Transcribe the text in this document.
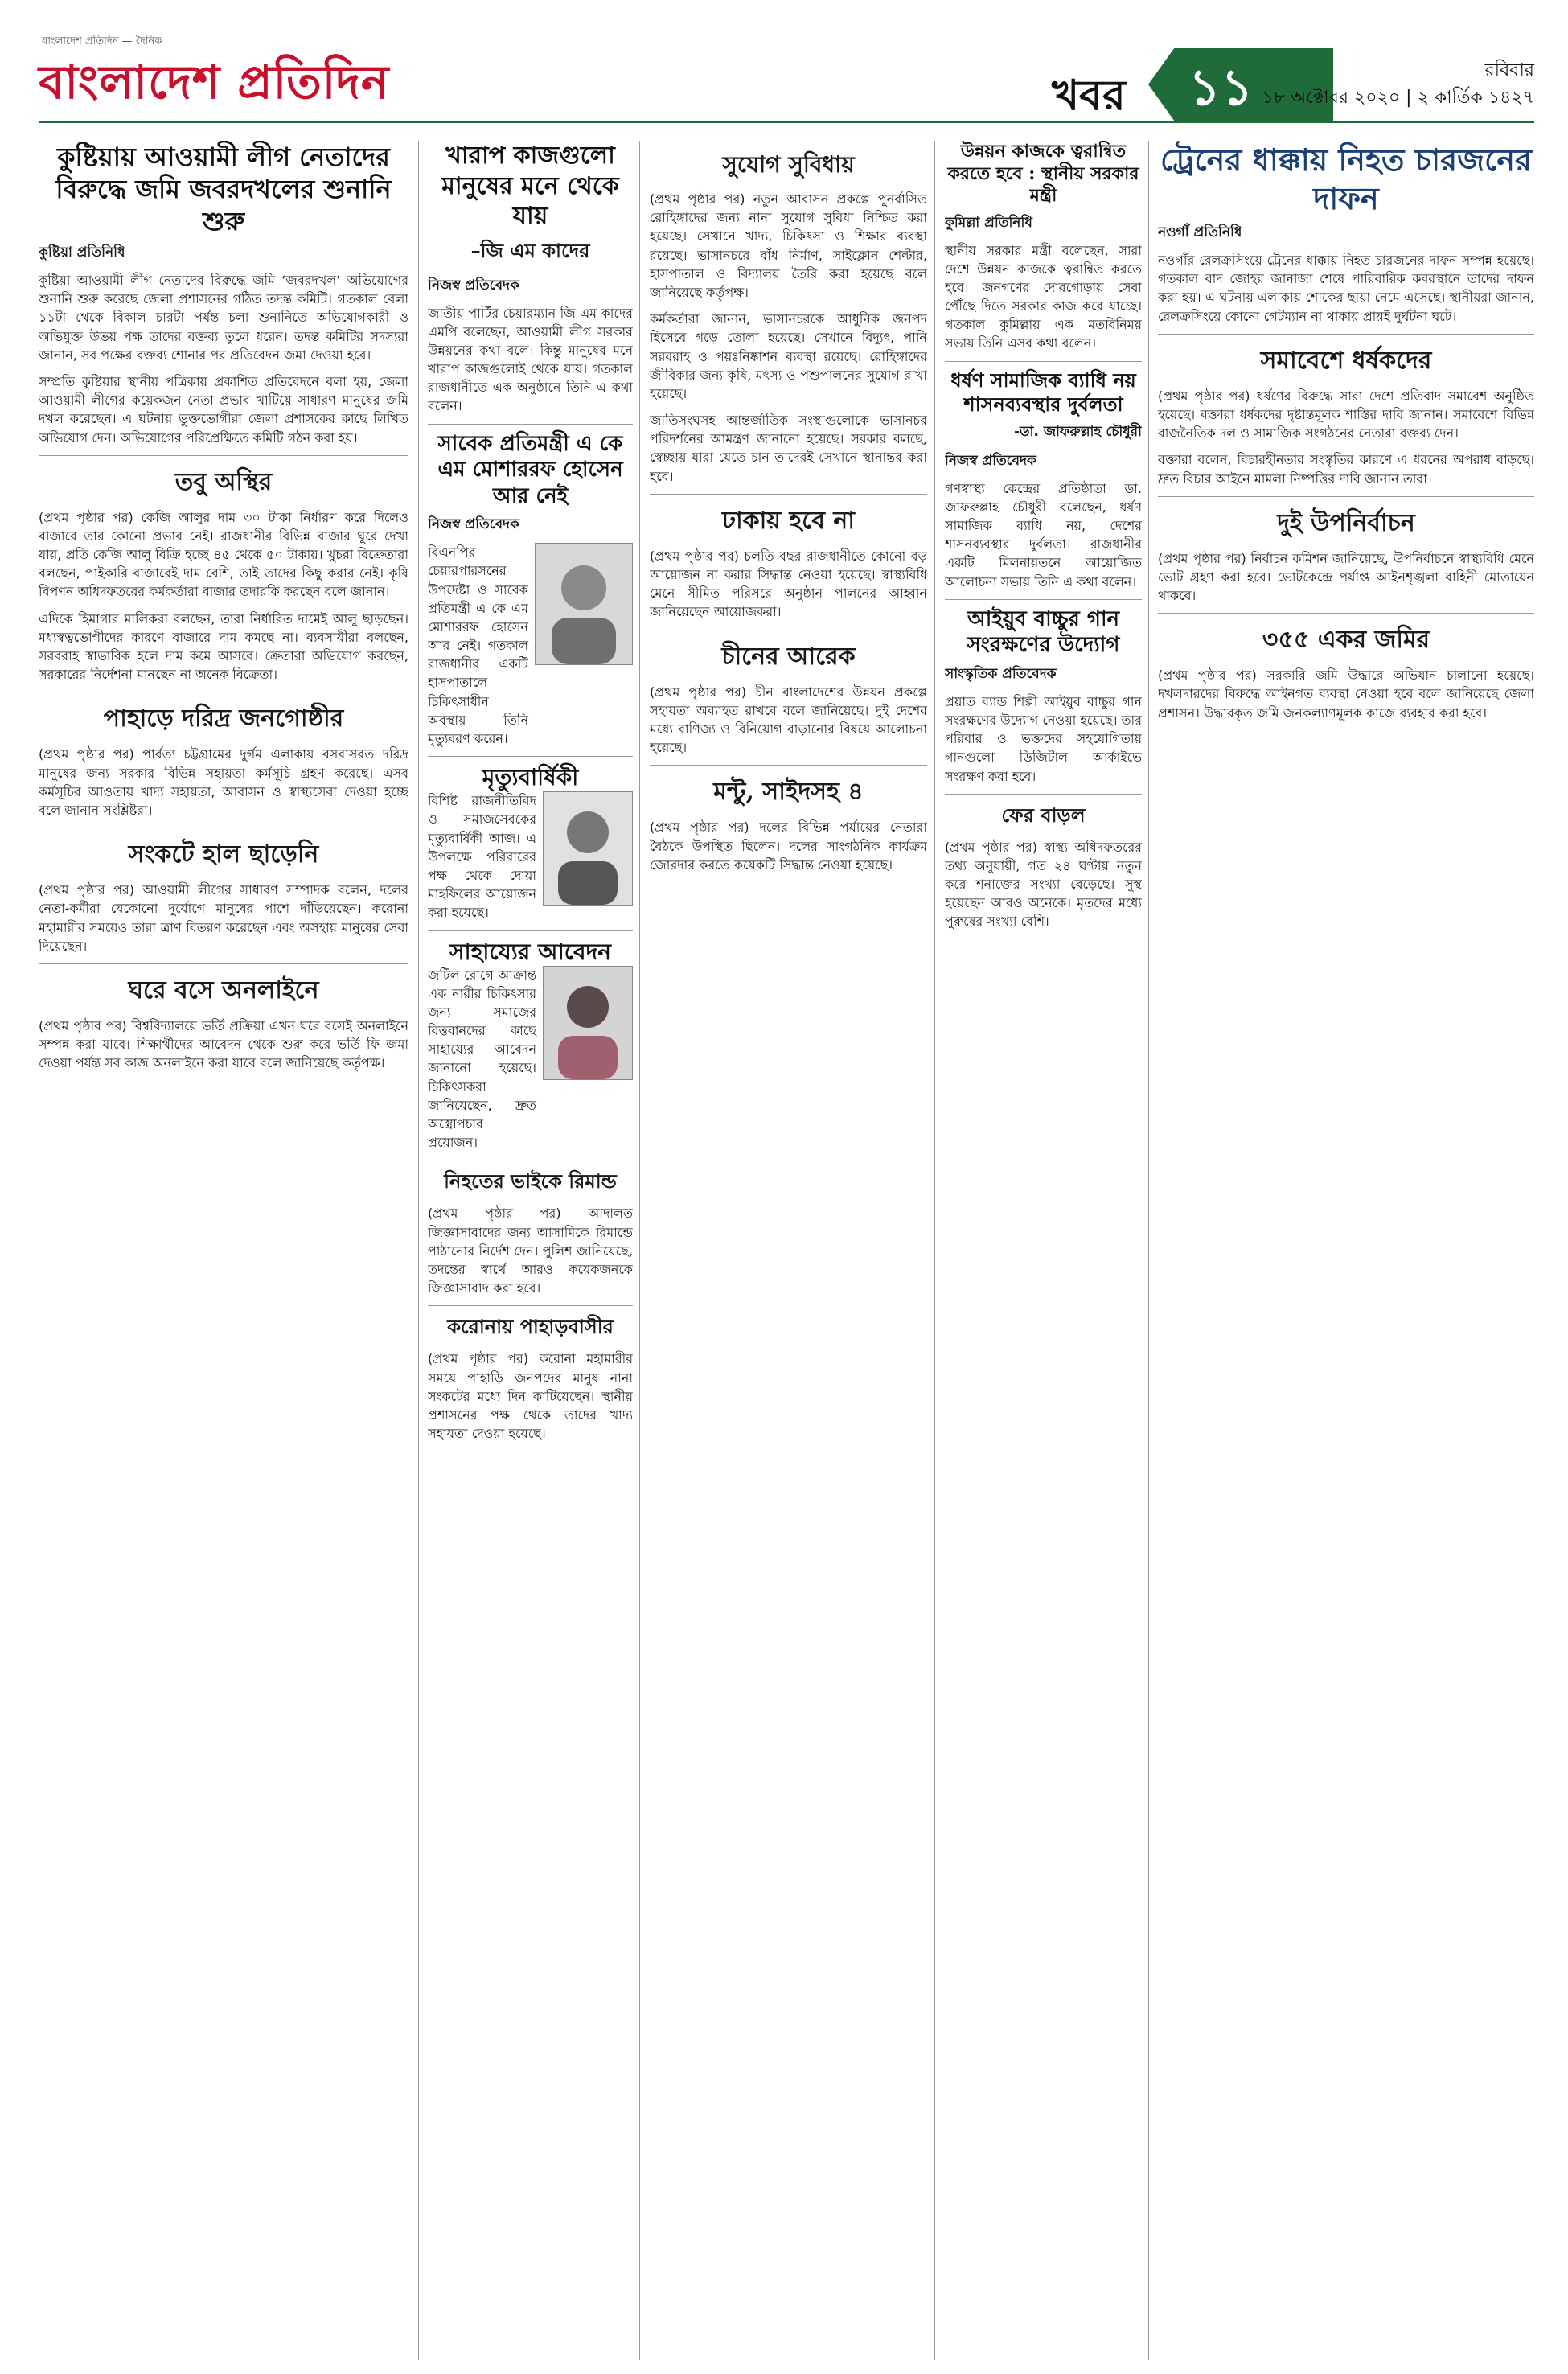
বাংলাদেশ প্রতিদিন — দৈনিক
বাংলাদেশ প্রতিদিন	খবর ১১	রবিবার
১৮ অক্টোবর ২০২০ | ২ কার্তিক ১৪২৭
কুষ্টিয়ায় আওয়ামী লীগ নেতাদের বিরুদ্ধে জমি জবরদখলের শুনানি শুরু
কুষ্টিয়া প্রতিনিধি

কুষ্টিয়া আওয়ামী লীগ নেতাদের বিরুদ্ধে জমি ‘জবরদখল’ অভিযোগের শুনানি শুরু করেছে জেলা প্রশাসনের গঠিত তদন্ত কমিটি। গতকাল বেলা ১১টা থেকে বিকাল চারটা পর্যন্ত চলা শুনানিতে অভিযোগকারী ও অভিযুক্ত উভয় পক্ষ তাদের বক্তব্য তুলে ধরেন। তদন্ত কমিটির সদস্যরা জানান, সব পক্ষের বক্তব্য শোনার পর প্রতিবেদন জমা দেওয়া হবে।

সম্প্রতি কুষ্টিয়ার স্থানীয় পত্রিকায় প্রকাশিত প্রতিবেদনে বলা হয়, জেলা আওয়ামী লীগের কয়েকজন নেতা প্রভাব খাটিয়ে সাধারণ মানুষের জমি দখল করেছেন। এ ঘটনায় ভুক্তভোগীরা জেলা প্রশাসকের কাছে লিখিত অভিযোগ দেন। অভিযোগের পরিপ্রেক্ষিতে কমিটি গঠন করা হয়।

তবু অস্থির

(প্রথম পৃষ্ঠার পর) কেজি আলুর দাম ৩০ টাকা নির্ধারণ করে দিলেও বাজারে তার কোনো প্রভাব নেই। রাজধানীর বিভিন্ন বাজার ঘুরে দেখা যায়, প্রতি কেজি আলু বিক্রি হচ্ছে ৪৫ থেকে ৫০ টাকায়। খুচরা বিক্রেতারা বলছেন, পাইকারি বাজারেই দাম বেশি, তাই তাদের কিছু করার নেই। কৃষি বিপণন অধিদফতরের কর্মকর্তারা বাজার তদারকি করছেন বলে জানান।

এদিকে হিমাগার মালিকরা বলছেন, তারা নির্ধারিত দামেই আলু ছাড়ছেন। মধ্যস্বত্বভোগীদের কারণে বাজারে দাম কমছে না। ব্যবসায়ীরা বলছেন, সরবরাহ স্বাভাবিক হলে দাম কমে আসবে। ক্রেতারা অভিযোগ করছেন, সরকারের নির্দেশনা মানছেন না অনেক বিক্রেতা।

পাহাড়ে দরিদ্র জনগোষ্ঠীর

(প্রথম পৃষ্ঠার পর) পার্বত্য চট্টগ্রামের দুর্গম এলাকায় বসবাসরত দরিদ্র মানুষের জন্য সরকার বিভিন্ন সহায়তা কর্মসূচি গ্রহণ করেছে। এসব কর্মসূচির আওতায় খাদ্য সহায়তা, আবাসন ও স্বাস্থ্যসেবা দেওয়া হচ্ছে বলে জানান সংশ্লিষ্টরা।

সংকটে হাল ছাড়েনি

(প্রথম পৃষ্ঠার পর) আওয়ামী লীগের সাধারণ সম্পাদক বলেন, দলের নেতা-কর্মীরা যেকোনো দুর্যোগে মানুষের পাশে দাঁড়িয়েছেন। করোনা মহামারীর সময়েও তারা ত্রাণ বিতরণ করেছেন এবং অসহায় মানুষের সেবা দিয়েছেন।

ঘরে বসে অনলাইনে

(প্রথম পৃষ্ঠার পর) বিশ্ববিদ্যালয়ে ভর্তি প্রক্রিয়া এখন ঘরে বসেই অনলাইনে সম্পন্ন করা যাবে। শিক্ষার্থীদের আবেদন থেকে শুরু করে ভর্তি ফি জমা দেওয়া পর্যন্ত সব কাজ অনলাইনে করা যাবে বলে জানিয়েছে কর্তৃপক্ষ।

খারাপ কাজগুলো মানুষের মনে থেকে যায়
–জি এম কাদের
নিজস্ব প্রতিবেদক

জাতীয় পার্টির চেয়ারম্যান জি এম কাদের এমপি বলেছেন, আওয়ামী লীগ সরকার উন্নয়নের কথা বলে। কিন্তু মানুষের মনে খারাপ কাজগুলোই থেকে যায়। গতকাল রাজধানীতে এক অনুষ্ঠানে তিনি এ কথা বলেন।

সাবেক প্রতিমন্ত্রী এ কে এম মোশাররফ হোসেন আর নেই
নিজস্ব প্রতিবেদক

বিএনপির চেয়ারপারসনের উপদেষ্টা ও সাবেক প্রতিমন্ত্রী এ কে এম মোশাররফ হোসেন আর নেই। গতকাল রাজধানীর একটি হাসপাতালে চিকিৎসাধীন অবস্থায় তিনি মৃত্যুবরণ করেন।

মৃত্যুবার্ষিকী

বিশিষ্ট রাজনীতিবিদ ও সমাজসেবকের মৃত্যুবার্ষিকী আজ। এ উপলক্ষে পরিবারের পক্ষ থেকে দোয়া মাহফিলের আয়োজন করা হয়েছে।

সাহায্যের আবেদন

জটিল রোগে আক্রান্ত এক নারীর চিকিৎসার জন্য সমাজের বিত্তবানদের কাছে সাহায্যের আবেদন জানানো হয়েছে। চিকিৎসকরা জানিয়েছেন, দ্রুত অস্ত্রোপচার প্রয়োজন।

নিহতের ভাইকে রিমান্ড

(প্রথম পৃষ্ঠার পর) আদালত জিজ্ঞাসাবাদের জন্য আসামিকে রিমান্ডে পাঠানোর নির্দেশ দেন। পুলিশ জানিয়েছে, তদন্তের স্বার্থে আরও কয়েকজনকে জিজ্ঞাসাবাদ করা হবে।

করোনায় পাহাড়বাসীর

(প্রথম পৃষ্ঠার পর) করোনা মহামারীর সময়ে পাহাড়ি জনপদের মানুষ নানা সংকটের মধ্যে দিন কাটিয়েছেন। স্থানীয় প্রশাসনের পক্ষ থেকে তাদের খাদ্য সহায়তা দেওয়া হয়েছে।

সুযোগ সুবিধায়

(প্রথম পৃষ্ঠার পর) নতুন আবাসন প্রকল্পে পুনর্বাসিত রোহিঙ্গাদের জন্য নানা সুযোগ সুবিধা নিশ্চিত করা হয়েছে। সেখানে খাদ্য, চিকিৎসা ও শিক্ষার ব্যবস্থা রয়েছে। ভাসানচরে বাঁধ নির্মাণ, সাইক্লোন শেল্টার, হাসপাতাল ও বিদ্যালয় তৈরি করা হয়েছে বলে জানিয়েছে কর্তৃপক্ষ।

কর্মকর্তারা জানান, ভাসানচরকে আধুনিক জনপদ হিসেবে গড়ে তোলা হয়েছে। সেখানে বিদ্যুৎ, পানি সরবরাহ ও পয়ঃনিষ্কাশন ব্যবস্থা রয়েছে। রোহিঙ্গাদের জীবিকার জন্য কৃষি, মৎস্য ও পশুপালনের সুযোগ রাখা হয়েছে।

জাতিসংঘসহ আন্তর্জাতিক সংস্থাগুলোকে ভাসানচর পরিদর্শনের আমন্ত্রণ জানানো হয়েছে। সরকার বলছে, স্বেচ্ছায় যারা যেতে চান তাদেরই সেখানে স্থানান্তর করা হবে।

ঢাকায় হবে না

(প্রথম পৃষ্ঠার পর) চলতি বছর রাজধানীতে কোনো বড় আয়োজন না করার সিদ্ধান্ত নেওয়া হয়েছে। স্বাস্থ্যবিধি মেনে সীমিত পরিসরে অনুষ্ঠান পালনের আহ্বান জানিয়েছেন আয়োজকরা।

চীনের আরেক

(প্রথম পৃষ্ঠার পর) চীন বাংলাদেশের উন্নয়ন প্রকল্পে সহায়তা অব্যাহত রাখবে বলে জানিয়েছে। দুই দেশের মধ্যে বাণিজ্য ও বিনিয়োগ বাড়ানোর বিষয়ে আলোচনা হয়েছে।

মন্টু, সাইদসহ ৪

(প্রথম পৃষ্ঠার পর) দলের বিভিন্ন পর্যায়ের নেতারা বৈঠকে উপস্থিত ছিলেন। দলের সাংগঠনিক কার্যক্রম জোরদার করতে কয়েকটি সিদ্ধান্ত নেওয়া হয়েছে।

উন্নয়ন কাজকে ত্বরান্বিত করতে হবে : স্থানীয় সরকার মন্ত্রী
কুমিল্লা প্রতিনিধি

স্থানীয় সরকার মন্ত্রী বলেছেন, সারা দেশে উন্নয়ন কাজকে ত্বরান্বিত করতে হবে। জনগণের দোরগোড়ায় সেবা পৌঁছে দিতে সরকার কাজ করে যাচ্ছে। গতকাল কুমিল্লায় এক মতবিনিময় সভায় তিনি এসব কথা বলেন।

ধর্ষণ সামাজিক ব্যাধি নয় শাসনব্যবস্থার দুর্বলতা
-ডা. জাফরুল্লাহ চৌধুরী
নিজস্ব প্রতিবেদক

গণস্বাস্থ্য কেন্দ্রের প্রতিষ্ঠাতা ডা. জাফরুল্লাহ চৌধুরী বলেছেন, ধর্ষণ সামাজিক ব্যাধি নয়, দেশের শাসনব্যবস্থার দুর্বলতা। রাজধানীর একটি মিলনায়তনে আয়োজিত আলোচনা সভায় তিনি এ কথা বলেন।

আইয়ুব বাচ্চুর গান সংরক্ষণের উদ্যোগ
সাংস্কৃতিক প্রতিবেদক

প্রয়াত ব্যান্ড শিল্পী আইয়ুব বাচ্চুর গান সংরক্ষণের উদ্যোগ নেওয়া হয়েছে। তার পরিবার ও ভক্তদের সহযোগিতায় গানগুলো ডিজিটাল আর্কাইভে সংরক্ষণ করা হবে।

ফের বাড়ল

(প্রথম পৃষ্ঠার পর) স্বাস্থ্য অধিদফতরের তথ্য অনুযায়ী, গত ২৪ ঘণ্টায় নতুন করে শনাক্তের সংখ্যা বেড়েছে। সুস্থ হয়েছেন আরও অনেকে। মৃতদের মধ্যে পুরুষের সংখ্যা বেশি।

ট্রেনের ধাক্কায় নিহত চারজনের দাফন
নওগাঁ প্রতিনিধি

নওগাঁর রেলক্রসিংয়ে ট্রেনের ধাক্কায় নিহত চারজনের দাফন সম্পন্ন হয়েছে। গতকাল বাদ জোহর জানাজা শেষে পারিবারিক কবরস্থানে তাদের দাফন করা হয়। এ ঘটনায় এলাকায় শোকের ছায়া নেমে এসেছে। স্থানীয়রা জানান, রেলক্রসিংয়ে কোনো গেটম্যান না থাকায় প্রায়ই দুর্ঘটনা ঘটে।

সমাবেশে ধর্ষকদের

(প্রথম পৃষ্ঠার পর) ধর্ষণের বিরুদ্ধে সারা দেশে প্রতিবাদ সমাবেশ অনুষ্ঠিত হয়েছে। বক্তারা ধর্ষকদের দৃষ্টান্তমূলক শাস্তির দাবি জানান। সমাবেশে বিভিন্ন রাজনৈতিক দল ও সামাজিক সংগঠনের নেতারা বক্তব্য দেন।

বক্তারা বলেন, বিচারহীনতার সংস্কৃতির কারণে এ ধরনের অপরাধ বাড়ছে। দ্রুত বিচার আইনে মামলা নিষ্পত্তির দাবি জানান তারা।

দুই উপনির্বাচন

(প্রথম পৃষ্ঠার পর) নির্বাচন কমিশন জানিয়েছে, উপনির্বাচনে স্বাস্থ্যবিধি মেনে ভোট গ্রহণ করা হবে। ভোটকেন্দ্রে পর্যাপ্ত আইনশৃঙ্খলা বাহিনী মোতায়েন থাকবে।

৩৫৫ একর জমির

(প্রথম পৃষ্ঠার পর) সরকারি জমি উদ্ধারে অভিযান চালানো হয়েছে। দখলদারদের বিরুদ্ধে আইনগত ব্যবস্থা নেওয়া হবে বলে জানিয়েছে জেলা প্রশাসন। উদ্ধারকৃত জমি জনকল্যাণমূলক কাজে ব্যবহার করা হবে।
